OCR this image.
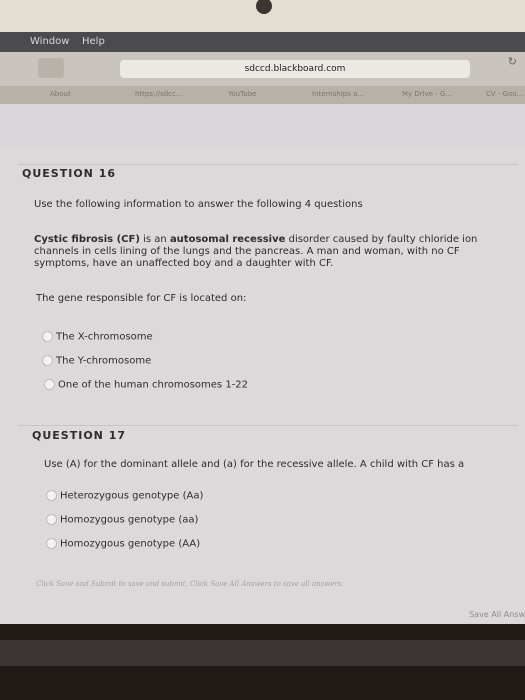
Window Help
sdccd.blackboard.com
↻
About	https://sdcc...	YouTube	Internships a...	My Drive - G...	CV - Goo...
QUESTION 16
Use the following information to answer the following 4 questions
Cystic fibrosis (CF) is an autosomal recessive disorder caused by faulty chloride ion
channels in cells lining of the lungs and the pancreas. A man and woman, with no CF
symptoms, have an unaffected boy and a daughter with CF.
The gene responsible for CF is located on:
The X-chromosome
The Y-chromosome
One of the human chromosomes 1-22
QUESTION 17
Use (A) for the dominant allele and (a) for the recessive allele. A child with CF has a
Heterozygous genotype (Aa)
Homozygous genotype (aa)
Homozygous genotype (AA)
Click Save and Submit to save and submit. Click Save All Answers to save all answers.
Save All Answ
